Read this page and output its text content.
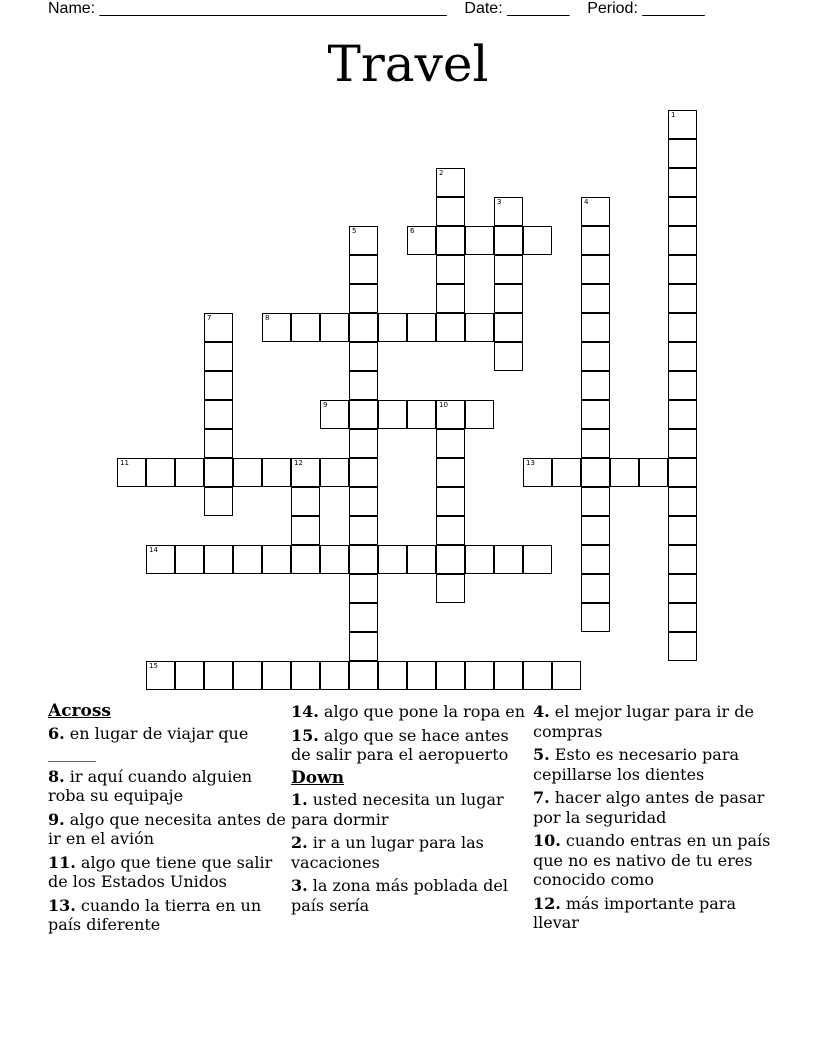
Name: _______________________________________ Date: _______ Period: _______
Travel
1
2
3	4
5	6
7	8
9	10
11	12	13
14
15
Across
6. en lugar de viajar que ______
8. ir aquí cuando alguien roba su equipaje
9. algo que necesita antes de ir en el avión
11. algo que tiene que salir de los Estados Unidos
13. cuando la tierra en un país diferente
14. algo que pone la ropa en
15. algo que se hace antes de salir para el aeropuerto
Down
1. usted necesita un lugar para dormir
2. ir a un lugar para las vacaciones
3. la zona más poblada del país sería
4. el mejor lugar para ir de compras
5. Esto es necesario para cepillarse los dientes
7. hacer algo antes de pasar por la seguridad
10. cuando entras en un país que no es nativo de tu eres conocido como
12. más importante para llevar
